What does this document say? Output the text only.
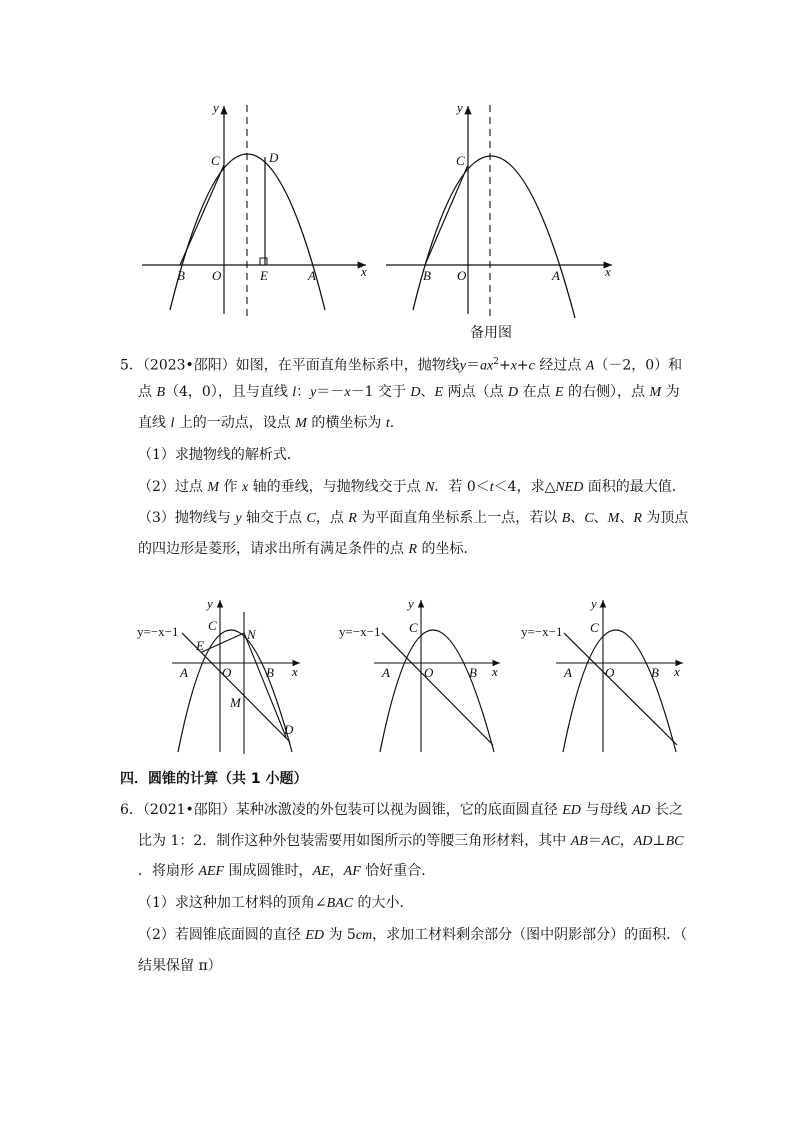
y
x
C	D
B O	E	A
y
x
C
B O	A
备用图
5．（2023•邵阳）如图，在平面直角坐标系中，抛物线$y=ax^2+x+c$ 经过点 A（－2，0）和
点 B（4，0），且与直线 l：y＝－x－1 交于 D、E 两点（点 D 在点 E 的右侧），点 M 为
直线 l 上的一动点，设点 M 的横坐标为 t．
（1）求抛物线的解析式．
（2）过点 M 作 x 轴的垂线，与抛物线交于点 N．若 0＜t＜4，求△NED 面积的最大值．
（3）抛物线与 y 轴交于点 C，点 R 为平面直角坐标系上一点，若以 B、C、M、R 为顶点
的四边形是菱形，请求出所有满足条件的点 R 的坐标．
y
x
y=−x−1 C
N
E
A	O	B
M
D
y
x
y=−x−1 C
A	O	B
y
x
y=−x−1 C
A	O	B
四．圆锥的计算（共 1 小题）
6．（2021•邵阳）某种冰激凌的外包装可以视为圆锥，它的底面圆直径 ED 与母线 AD 长之
比为 1：2．制作这种外包装需要用如图所示的等腰三角形材料，其中 AB＝AC，AD⊥BC
．将扇形 AEF 围成圆锥时，AE，AF 恰好重合．
（1）求这种加工材料的顶角∠BAC 的大小．
（2）若圆锥底面圆的直径 ED 为 5cm，求加工材料剩余部分（图中阴影部分）的面积．（
结果保留 π）
